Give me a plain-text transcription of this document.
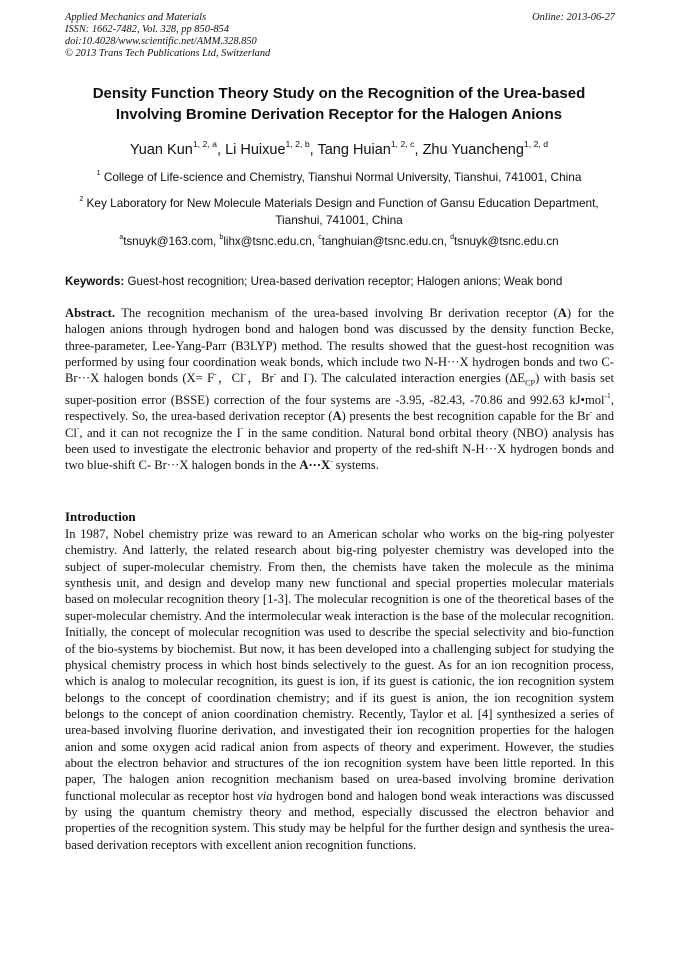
Applied Mechanics and Materials
ISSN: 1662-7482, Vol. 328, pp 850-854
doi:10.4028/www.scientific.net/AMM.328.850
© 2013 Trans Tech Publications Ltd, Switzerland
Online: 2013-06-27
Density Function Theory Study on the Recognition of the Urea-based
Involving Bromine Derivation Receptor for the Halogen Anions
Yuan Kun$^{1, 2, a}$, Li Huixue$^{1, 2, b}$, Tang Huian$^{1, 2, c}$, Zhu Yuancheng$^{1, 2, d}$
$^1$ College of Life-science and Chemistry, Tianshui Normal University, Tianshui, 741001, China
$^2$ Key Laboratory for New Molecule Materials Design and Function of Gansu Education Department,
Tianshui, 741001, China
$^a$tsnuyk@163.com, $^b$lihx@tsnc.edu.cn, $^c$tanghuian@tsnc.edu.cn, $^d$tsnuyk@tsnc.edu.cn
Keywords: Guest-host recognition; Urea-based derivation receptor; Halogen anions; Weak bond
Abstract. The recognition mechanism of the urea-based involving Br derivation receptor (A) for the halogen anions through hydrogen bond and halogen bond was discussed by the density function Becke, three-parameter, Lee-Yang-Parr (B3LYP) method. The results showed that the guest-host recognition was performed by using four coordination weak bonds, which include two N-H···X hydrogen bonds and two C-Br···X halogen bonds (X= F-，Cl-，Br- and I-). The calculated interaction energies $(\Delta E_{CP})$ with basis set super-position error (BSSE) correction of the four systems are -3.95, -82.43, -70.86 and 992.63 kJ•mol$^{-1}$, respectively. So, the urea-based derivation receptor (A) presents the best recognition capable for the Br- and Cl-, and it can not recognize the I- in the same condition. Natural bond orbital theory (NBO) analysis has been used to investigate the electronic behavior and property of the red-shift N-H···X hydrogen bonds and two blue-shift C- Br···X halogen bonds in the A···X- systems.
Introduction
In 1987, Nobel chemistry prize was reward to an American scholar who works on the big-ring polyester chemistry. And latterly, the related research about big-ring polyester chemistry was developed into the subject of super-molecular chemistry. From then, the chemists have taken the molecule as the minima synthesis unit, and design and develop many new functional and special properties molecular materials based on molecular recognition theory [1-3]. The molecular recognition is one of the theoretical bases of the super-molecular chemistry. And the intermolecular weak interaction is the base of the molecular recognition. Initially, the concept of molecular recognition was used to describe the special selectivity and bio-function of the bio-systems by biochemist. But now, it has been developed into a challenging subject for studying the physical chemistry process in which host binds selectively to the guest. As for an ion recognition process, which is analog to molecular recognition, its guest is ion, if its guest is cationic, the ion recognition system belongs to the concept of coordination chemistry; and if its guest is anion, the ion recognition system belongs to the concept of anion coordination chemistry. Recently, Taylor et al. [4] synthesized a series of urea-based involving fluorine derivation, and investigated their ion recognition properties for the halogen anion and some oxygen acid radical anion from aspects of theory and experiment. However, the studies about the electron behavior and structures of the ion recognition system have been little reported. In this paper, The halogen anion recognition mechanism based on urea-based involving bromine derivation functional molecular as receptor host via hydrogen bond and halogen bond weak interactions was discussed by using the quantum chemistry theory and method, especially discussed the electron behavior and properties of the recognition system. This study may be helpful for the further design and synthesis the urea-based derivation receptors with excellent anion recognition functions.
